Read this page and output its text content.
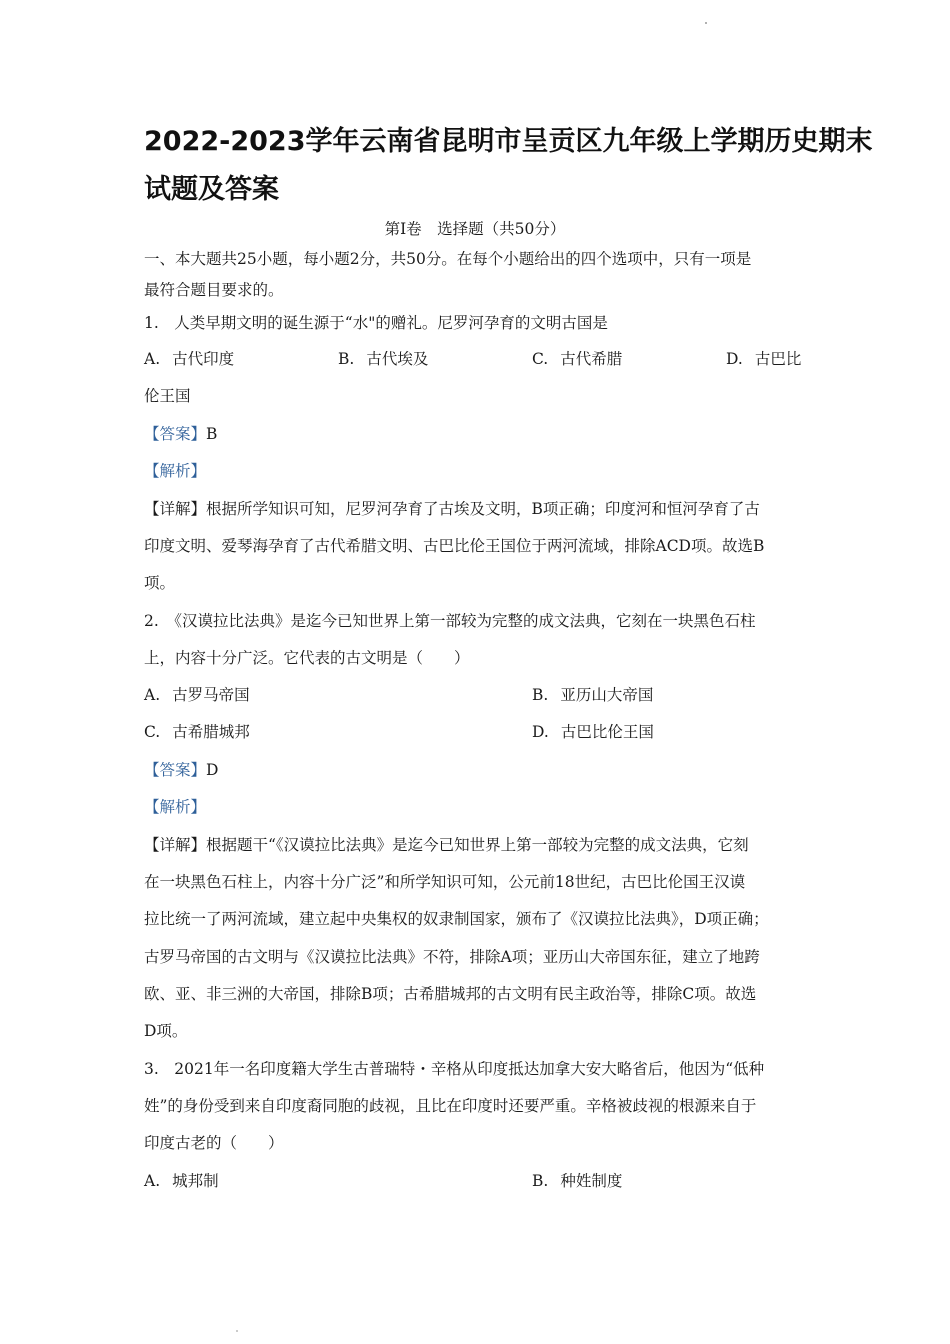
2022-2023学年云南省昆明市呈贡区九年级上学期历史期末
试题及答案
第Ⅰ卷　选择题（共50分）
一、本大题共25小题，每小题2分，共50分。在每个小题给出的四个选项中，只有一项是
最符合题目要求的。
1.　人类早期文明的诞生源于“水"的赠礼。尼罗河孕育的文明古国是
A. 古代印度	B. 古代埃及	C. 古代希腊	D. 古巴比
伦王国
【答案】B
【解析】
【详解】根据所学知识可知，尼罗河孕育了古埃及文明，B项正确；印度河和恒河孕育了古
印度文明、爱琴海孕育了古代希腊文明、古巴比伦王国位于两河流域，排除ACD项。故选B
项。
2.　《汉谟拉比法典》是迄今已知世界上第一部较为完整的成文法典，它刻在一块黑色石柱
上，内容十分广泛。它代表的古文明是（　　）
A. 古罗马帝国	B. 亚历山大帝国
C. 古希腊城邦	D. 古巴比伦王国
【答案】D
【解析】
【详解】根据题干“《汉谟拉比法典》是迄今已知世界上第一部较为完整的成文法典，它刻
在一块黑色石柱上，内容十分广泛”和所学知识可知，公元前18世纪，古巴比伦国王汉谟
拉比统一了两河流域，建立起中央集权的奴隶制国家，颁布了《汉谟拉比法典》，D项正确；
古罗马帝国的古文明与《汉谟拉比法典》不符，排除A项；亚历山大帝国东征，建立了地跨
欧、亚、非三洲的大帝国，排除B项；古希腊城邦的古文明有民主政治等，排除C项。故选
D项。
3.　2021年一名印度籍大学生古普瑞特・辛格从印度抵达加拿大安大略省后，他因为“低种
姓”的身份受到来自印度裔同胞的歧视，且比在印度时还要严重。辛格被歧视的根源来自于
印度古老的（　　）
A. 城邦制	B. 种姓制度
